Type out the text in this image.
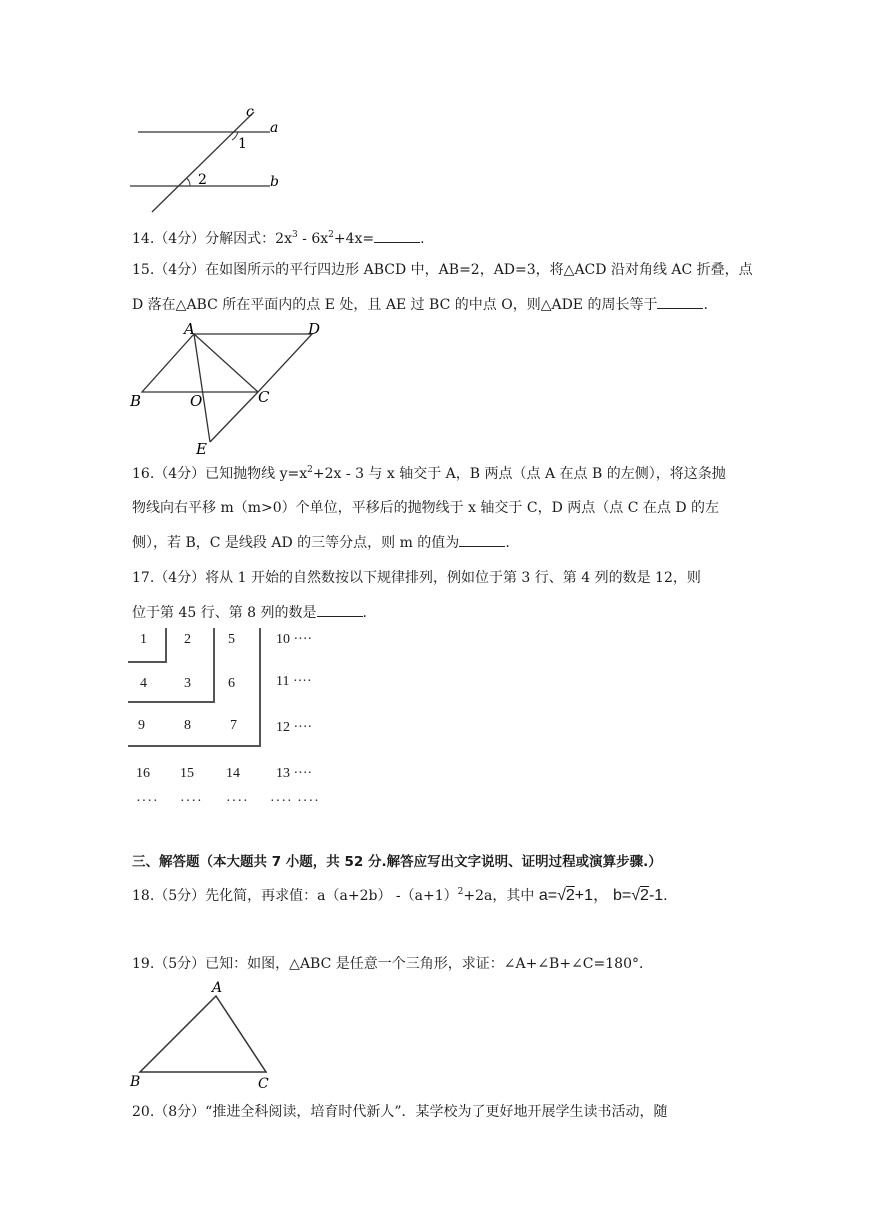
c
a
b
1
2
14.（4分）分解因式：$2x^3 - 6x^2+4x=$	.
15.（4分）在如图所示的平行四边形 ABCD 中，AB=2，AD=3，将△ACD 沿对角线 AC 折叠，点
D 落在△ABC 所在平面内的点 E 处，且 AE 过 BC 的中点 O，则△ADE 的周长等于	.
A	D
B	O	C
E
16.（4分）已知抛物线 $y=x^2+2x - 3$ 与 x 轴交于 A，B 两点（点 A 在点 B 的左侧），将这条抛
物线向右平移 m（m>0）个单位，平移后的抛物线于 x 轴交于 C，D 两点（点 C 在点 D 的左
侧），若 B，C 是线段 AD 的三等分点，则 m 的值为	.
17.（4分）将从 1 开始的自然数按以下规律排列，例如位于第 3 行、第 4 列的数是 12，则
位于第 45 行、第 8 列的数是	.
1	2	5	10 ····
4	3	6	11 ····
9	8	7	12 ····
16 15 14	13 ····
···· ···· ···· ···· ····
三、解答题（本大题共 7 小题，共 52 分.解答应写出文字说明、证明过程或演算步骤.）
18.（5分）先化简，再求值：a（a+2b） $-(a+1)^2+2a$，其中 a=√2+1， b=√2-1.
19.（5分）已知：如图，△ABC 是任意一个三角形，求证：∠A+∠B+∠C=180°．
A
B	C
20.（8分）“推进全科阅读，培育时代新人”．某学校为了更好地开展学生读书活动，随
